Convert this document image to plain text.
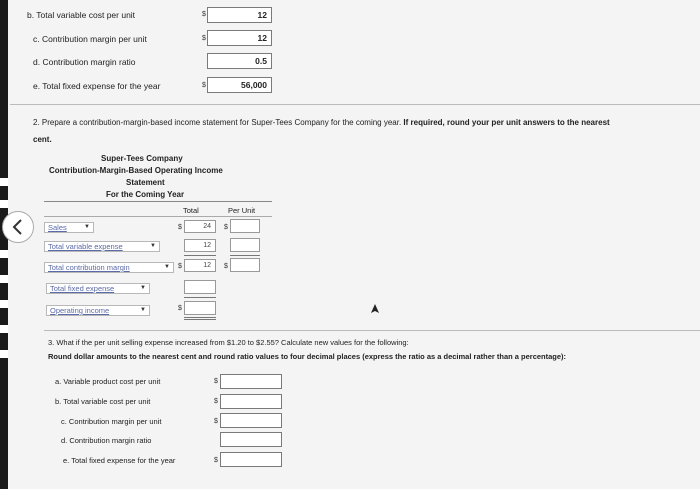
b. Total variable cost per unit	$	12
c. Contribution margin per unit	$	12
d. Contribution margin ratio	0.5
e. Total fixed expense for the year	$	56,000
2. Prepare a contribution-margin-based income statement for Super-Tees Company for the coming year. If required, round your per unit answers to the nearest
cent.
Super-Tees Company
Contribution-Margin-Based Operating Income
Statement
For the Coming Year
Total	Per Unit
Sales	▼	$	24	$
Total variable expense	▼	12
Total contribution margin	▼ $	12	$
Total fixed expense	▼
Operating income	▼	$
3. What if the per unit selling expense increased from $1.20 to $2.55? Calculate new values for the following:
Round dollar amounts to the nearest cent and round ratio values to four decimal places (express the ratio as a decimal rather than a percentage):
a. Variable product cost per unit	$
b. Total variable cost per unit	$
c. Contribution margin per unit	$
d. Contribution margin ratio
e. Total fixed expense for the year	$
